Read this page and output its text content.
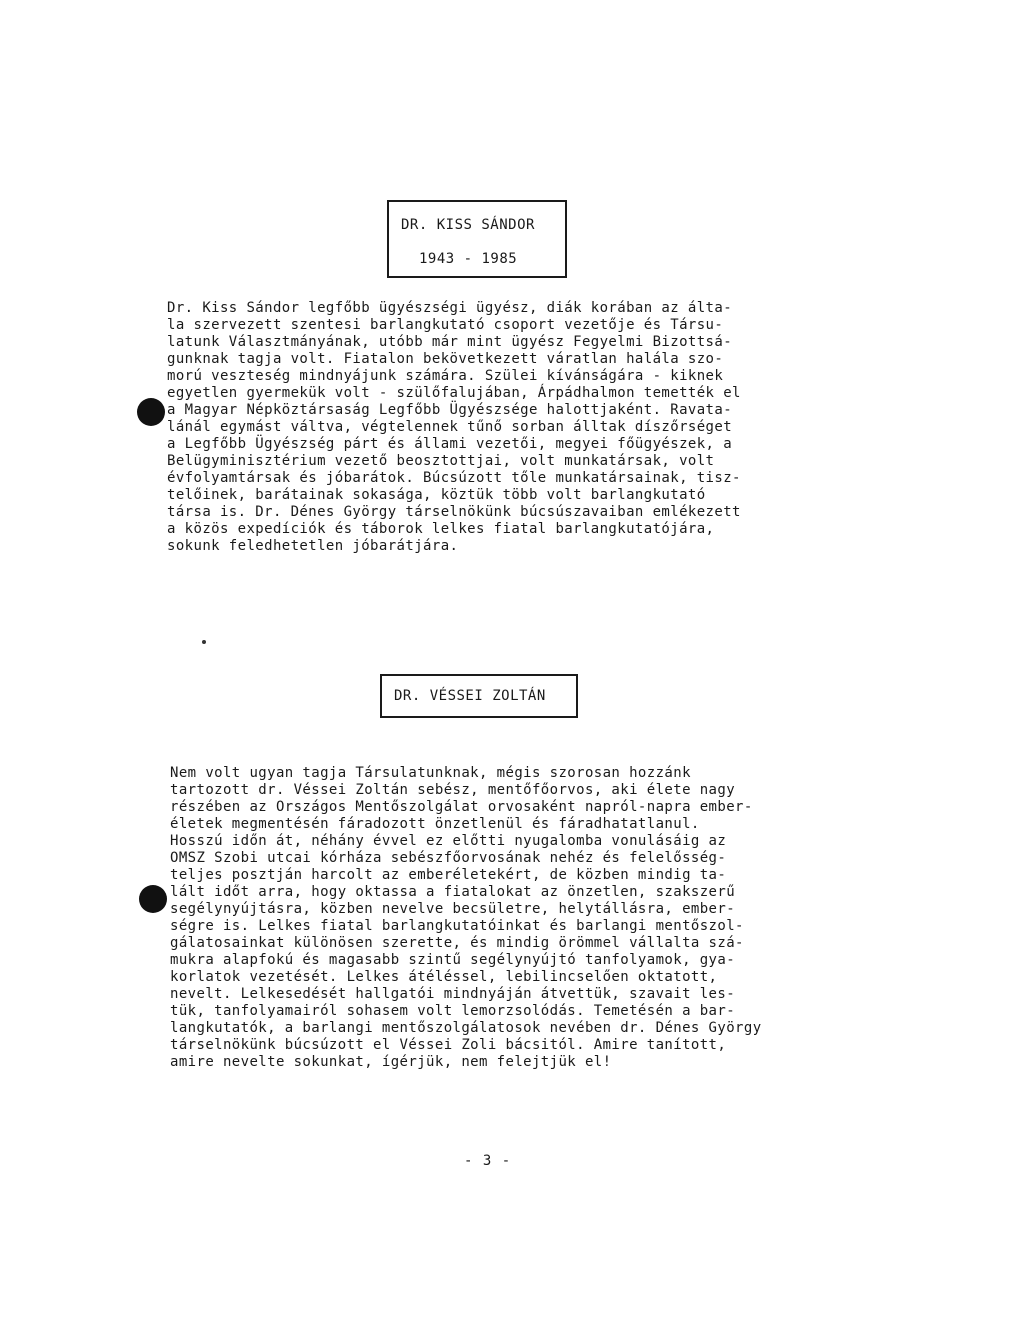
DR. KISS SÁNDOR
1943 - 1985
Dr. Kiss Sándor legfőbb ügyészségi ügyész, diák korában az álta-
la szervezett szentesi barlangkutató csoport vezetője és Társu-
latunk Választmányának, utóbb már mint ügyész Fegyelmi Bizottsá-
gunknak tagja volt. Fiatalon bekövetkezett váratlan halála szo-
morú veszteség mindnyájunk számára. Szülei kívánságára - kiknek
egyetlen gyermekük volt - szülőfalujában, Árpádhalmon temették el
a Magyar Népköztársaság Legfőbb Ügyészsége halottjaként. Ravata-
lánál egymást váltva, végtelennek tűnő sorban álltak díszőrséget
a Legfőbb Ügyészség párt és állami vezetői, megyei főügyészek, a
Belügyminisztérium vezető beosztottjai, volt munkatársak, volt
évfolyamtársak és jóbarátok. Búcsúzott tőle munkatársainak, tisz-
telőinek, barátainak sokasága, köztük több volt barlangkutató
társa is. Dr. Dénes György társelnökünk búcsúszavaiban emlékezett
a közös expedíciók és táborok lelkes fiatal barlangkutatójára,
sokunk feledhetetlen jóbarátjára.
DR. VÉSSEI ZOLTÁN
Nem volt ugyan tagja Társulatunknak, mégis szorosan hozzánk
tartozott dr. Véssei Zoltán sebész, mentőfőorvos, aki élete nagy
részében az Országos Mentőszolgálat orvosaként napról-napra ember-
életek megmentésén fáradozott önzetlenül és fáradhatatlanul.
Hosszú időn át, néhány évvel ez előtti nyugalomba vonulásáig az
OMSZ Szobi utcai kórháza sebészfőorvosának nehéz és felelősség-
teljes posztján harcolt az emberéletekért, de közben mindig ta-
lált időt arra, hogy oktassa a fiatalokat az önzetlen, szakszerű
segélynyújtásra, közben nevelve becsületre, helytállásra, ember-
ségre is. Lelkes fiatal barlangkutatóinkat és barlangi mentőszol-
gálatosainkat különösen szerette, és mindig örömmel vállalta szá-
mukra alapfokú és magasabb szintű segélynyújtó tanfolyamok, gya-
korlatok vezetését. Lelkes átéléssel, lebilincselően oktatott,
nevelt. Lelkesedését hallgatói mindnyáján átvettük, szavait les-
tük, tanfolyamairól sohasem volt lemorzsolódás. Temetésén a bar-
langkutatók, a barlangi mentőszolgálatosok nevében dr. Dénes György
társelnökünk búcsúzott el Véssei Zoli bácsitól. Amire tanított,
amire nevelte sokunkat, ígérjük, nem felejtjük el!
- 3 -
